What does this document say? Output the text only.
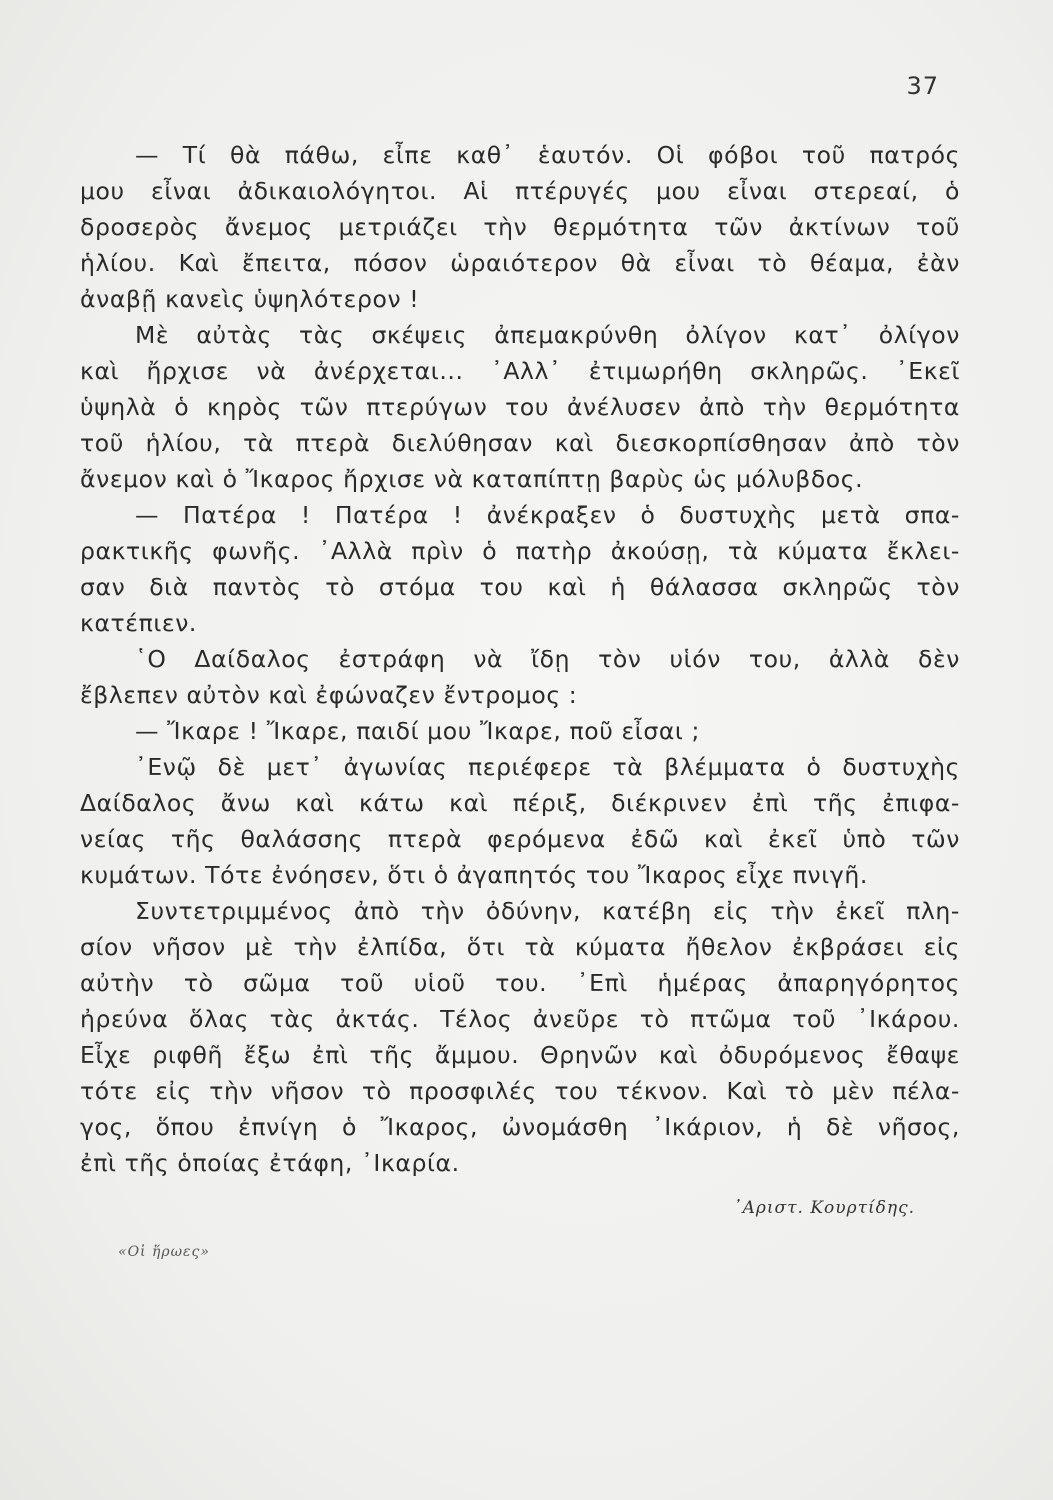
37
— Τί θὰ πάθω, εἶπε καθ᾿ ἑαυτόν. Οἱ φόβοι τοῦ πατρός
μου εἶναι ἀδικαιολόγητοι. Αἱ πτέρυγές μου εἶναι στερεαί, ὁ
δροσερὸς ἄνεμος μετριάζει τὴν θερμότητα τῶν ἀκτίνων τοῦ
ἡλίου. Καὶ ἔπειτα, πόσον ὡραιότερον θὰ εἶναι τὸ θέαμα, ἐὰν
ἀναβῇ κανεὶς ὑψηλότερον !
Μὲ αὐτὰς τὰς σκέψεις ἀπεμακρύνθη ὀλίγον κατ᾿ ὀλίγον
καὶ ἤρχισε νὰ ἀνέρχεται... ᾿Αλλ᾿ ἐτιμωρήθη σκληρῶς. ᾿Εκεῖ
ὑψηλὰ ὁ κηρὸς τῶν πτερύγων του ἀνέλυσεν ἀπὸ τὴν θερμότητα
τοῦ ἡλίου, τὰ πτερὰ διελύθησαν καὶ διεσκορπίσθησαν ἀπὸ τὸν
ἄνεμον καὶ ὁ Ἴκαρος ἤρχισε νὰ καταπίπτῃ βαρὺς ὡς μόλυβδος.
— Πατέρα ! Πατέρα ! ἀνέκραξεν ὁ δυστυχὴς μετὰ σπα-
ρακτικῆς φωνῆς. ᾿Αλλὰ πρὶν ὁ πατὴρ ἀκούσῃ, τὰ κύματα ἔκλει-
σαν διὰ παντὸς τὸ στόμα του καὶ ἡ θάλασσα σκληρῶς τὸν
κατέπιεν.
῾Ο Δαίδαλος ἐστράφη νὰ ἴδῃ τὸν υἱόν του, ἀλλὰ δὲν
ἔβλεπεν αὐτὸν καὶ ἐφώναζεν ἔντρομος :
— Ἴκαρε ! Ἴκαρε, παιδί μου Ἴκαρε, ποῦ εἶσαι ;
᾿Ενῷ δὲ μετ᾿ ἀγωνίας περιέφερε τὰ βλέμματα ὁ δυστυχὴς
Δαίδαλος ἄνω καὶ κάτω καὶ πέριξ, διέκρινεν ἐπὶ τῆς ἐπιφα-
νείας τῆς θαλάσσης πτερὰ φερόμενα ἐδῶ καὶ ἐκεῖ ὑπὸ τῶν
κυμάτων. Τότε ἐνόησεν, ὅτι ὁ ἀγαπητός του Ἴκαρος εἶχε πνιγῆ.
Συντετριμμένος ἀπὸ τὴν ὀδύνην, κατέβη εἰς τὴν ἐκεῖ πλη-
σίον νῆσον μὲ τὴν ἐλπίδα, ὅτι τὰ κύματα ἤθελον ἐκβράσει εἰς
αὐτὴν τὸ σῶμα τοῦ υἱοῦ του. ᾿Επὶ ἡμέρας ἀπαρηγόρητος
ἠρεύνα ὅλας τὰς ἀκτάς. Τέλος ἀνεῦρε τὸ πτῶμα τοῦ ᾿Ικάρου.
Εἶχε ριφθῆ ἔξω ἐπὶ τῆς ἄμμου. Θρηνῶν καὶ ὀδυρόμενος ἔθαψε
τότε εἰς τὴν νῆσον τὸ προσφιλές του τέκνον. Καὶ τὸ μὲν πέλα-
γος, ὅπου ἐπνίγη ὁ Ἴκαρος, ὠνομάσθη ᾿Ικάριον, ἡ δὲ νῆσος,
ἐπὶ τῆς ὁποίας ἐτάφη, ᾿Ικαρία.
᾿Αριστ. Κουρτίδης.
«Οἱ ἥρωες»
